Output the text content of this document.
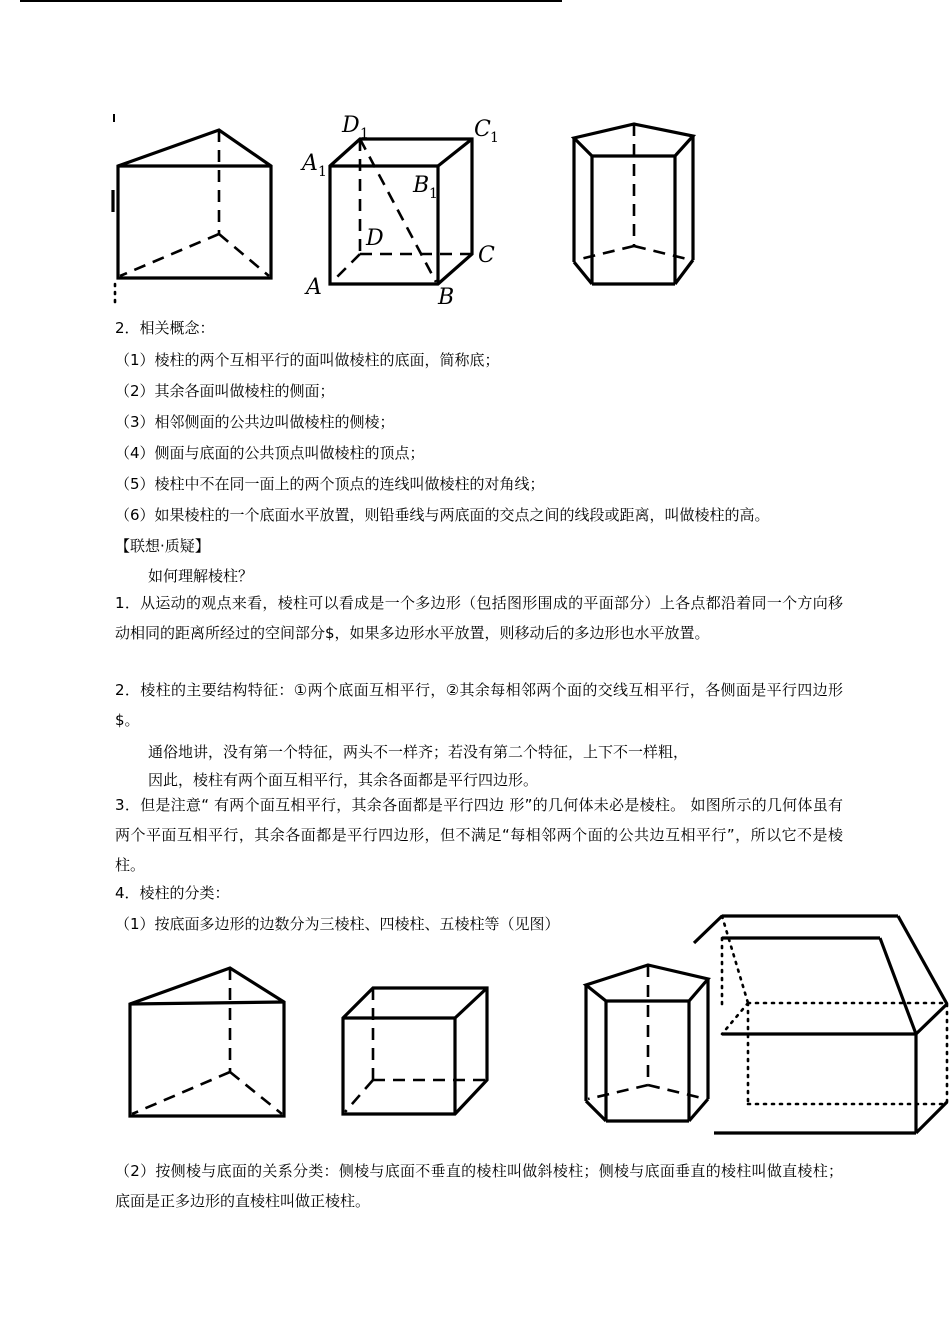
D 1	C 1
A 1
B 1
D
C
A	B
2．相关概念：
（1）棱柱的两个互相平行的面叫做棱柱的底面，简称底；
（2）其余各面叫做棱柱的侧面；
（3）相邻侧面的公共边叫做棱柱的侧棱；
（4）侧面与底面的公共顶点叫做棱柱的顶点；
（5）棱柱中不在同一面上的两个顶点的连线叫做棱柱的对角线；
（6）如果棱柱的一个底面水平放置，则铅垂线与两底面的交点之间的线段或距离，叫做棱柱的高。
【联想·质疑】
如何理解棱柱？
1．从运动的观点来看，棱柱可以看成是一个多边形（包括图形围成的平面部分）上各点都沿着同一个方向移动相同的距离所经过的空间部分$，如果多边形水平放置，则移动后的多边形也水平放置。
2．棱柱的主要结构特征：①两个底面互相平行，②其余每相邻两个面的交线互相平行，各侧面是平行四边形$。
通俗地讲，没有第一个特征，两头不一样齐；若没有第二个特征，上下不一样粗，
因此，棱柱有两个面互相平行，其余各面都是平行四边形。
3．但是注意“ 有两个面互相平行，其余各面都是平行四边 形”的几何体未必是棱柱。 如图所示的几何体虽有两个平面互相平行，其余各面都是平行四边形，但不满足“每相邻两个面的公共边互相平行”，所以它不是棱柱。
4．棱柱的分类：
（1）按底面多边形的边数分为三棱柱、四棱柱、五棱柱等（见图）
（2）按侧棱与底面的关系分类：侧棱与底面不垂直的棱柱叫做斜棱柱；侧棱与底面垂直的棱柱叫做直棱柱；底面是正多边形的直棱柱叫做正棱柱。
